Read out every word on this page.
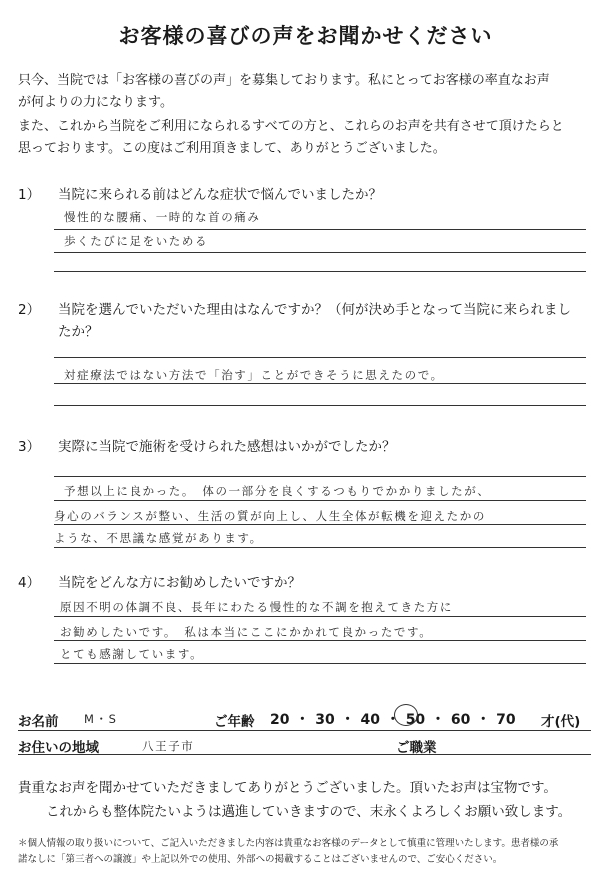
お客様の喜びの声をお聞かせください
只今、当院では「お客様の喜びの声」を募集しております。私にとってお客様の率直なお声
が何よりの力になります。
また、これから当院をご利用になられるすべての方と、これらのお声を共有させて頂けたらと
思っております。この度はご利用頂きまして、ありがとうございました。
1） 当院に来られる前はどんな症状で悩んでいましたか？
慢性的な腰痛、一時的な首の痛み
歩くたびに足をいためる
2） 当院を選んでいただいた理由はなんですか？（何が決め手となって当院に来られまし
たか？
対症療法ではない方法で「治す」ことができそうに思えたので。
3） 実際に当院で施術を受けられた感想はいかがでしたか？
予想以上に良かった。　体の一部分を良くするつもりでかかりましたが、
身心のバランスが整い、生活の質が向上し、人生全体が転機を迎えたかの
ような、不思議な感覚があります。
4） 当院をどんな方にお勧めしたいですか？
原因不明の体調不良、長年にわたる慢性的な不調を抱えてきた方に
お勧めしたいです。　私は本当にここにかかれて良かったです。
とても感謝しています。
お名前 M・S	ご年齢 20 ・ 30 ・ 40 ・ 50 ・ 60 ・ 70 才(代)
お住いの地域	八王子市	ご職業
貴重なお声を聞かせていただきましてありがとうございました。頂いたお声は宝物です。
これからも整体院たいようは邁進していきますので、末永くよろしくお願い致します。
＊個人情報の取り扱いについて、ご記入いただきました内容は貴重なお客様のデータとして慎重に管理いたします。患者様の承
諾なしに「第三者への譲渡」や上記以外での使用、外部への掲載することはございませんので、ご安心ください。
